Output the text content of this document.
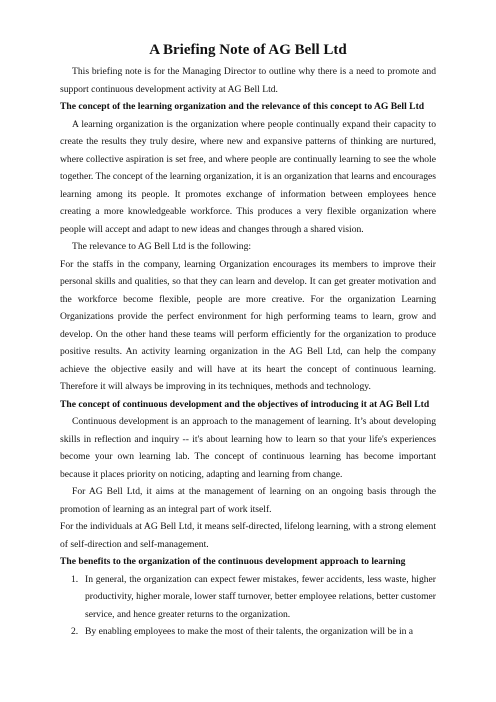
A Briefing Note of AG Bell Ltd

This briefing note is for the Managing Director to outline why there is a need to promote and support continuous development activity at AG Bell Ltd.

The concept of the learning organization and the relevance of this concept to AG Bell Ltd

A learning organization is the organization where people continually expand their capacity to create the results they truly desire, where new and expansive patterns of thinking are nurtured, where collective aspiration is set free, and where people are continually learning to see the whole together. The concept of the learning organization, it is an organization that learns and encourages learning among its people. It promotes exchange of information between employees hence creating a more knowledgeable workforce. This produces a very flexible organization where people will accept and adapt to new ideas and changes through a shared vision.

The relevance to AG Bell Ltd is the following:

For the staffs in the company, learning Organization encourages its members to improve their personal skills and qualities, so that they can learn and develop. It can get greater motivation and the workforce become flexible, people are more creative. For the organization Learning Organizations provide the perfect environment for high performing teams to learn, grow and develop. On the other hand these teams will perform efficiently for the organization to produce positive results. An activity learning organization in the AG Bell Ltd, can help the company achieve the objective easily and will have at its heart the concept of continuous learning. Therefore it will always be improving in its techniques, methods and technology.

The concept of continuous development and the objectives of introducing it at AG Bell Ltd

Continuous development is an approach to the management of learning. It’s about developing skills in reflection and inquiry -- it's about learning how to learn so that your life's experiences become your own learning lab. The concept of continuous learning has become important because it places priority on noticing, adapting and learning from change.

For AG Bell Ltd, it aims at the management of learning on an ongoing basis through the promotion of learning as an integral part of work itself.

For the individuals at AG Bell Ltd, it means self-directed, lifelong learning, with a strong element of self-direction and self-management.

The benefits to the organization of the continuous development approach to learning

1. In general, the organization can expect fewer mistakes, fewer accidents, less waste, higher productivity, higher morale, lower staff turnover, better employee relations, better customer service, and hence greater returns to the organization.
2. By enabling employees to make the most of their talents, the organization will be in a
